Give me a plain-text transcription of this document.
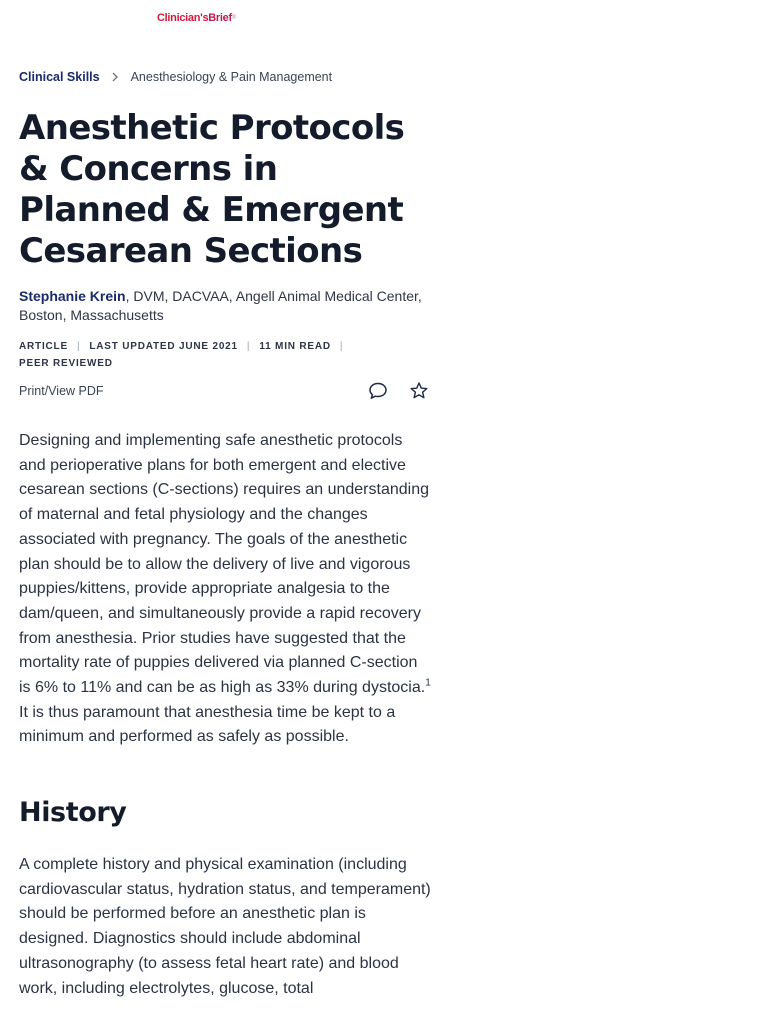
Clinician'sBrief®
Clinical Skills Anesthesiology & Pain Management
Anesthetic Protocols & Concerns in Planned & Emergent Cesarean Sections
Stephanie Krein, DVM, DACVAA, Angell Animal Medical Center, Boston, Massachusetts
ARTICLE | LAST UPDATED JUNE 2021 | 11 MIN READ |
PEER REVIEWED
Print/View PDF

Designing and implementing safe anesthetic protocols and perioperative plans for both emergent and elective cesarean sections (C-sections) requires an understanding of maternal and fetal physiology and the changes associated with pregnancy. The goals of the anesthetic plan should be to allow the delivery of live and vigorous puppies/kittens, provide appropriate analgesia to the dam/queen, and simultaneously provide a rapid recovery from anesthesia. Prior studies have suggested that the mortality rate of puppies delivered via planned C-section is 6% to 11% and can be as high as 33% during dystocia.$^1$ It is thus paramount that anesthesia time be kept to a minimum and performed as safely as possible.

History

A complete history and physical examination (including cardiovascular status, hydration status, and temperament) should be performed before an anesthetic plan is designed. Diagnostics should include abdominal ultrasonography (to assess fetal heart rate) and blood work, including electrolytes, glucose, total
